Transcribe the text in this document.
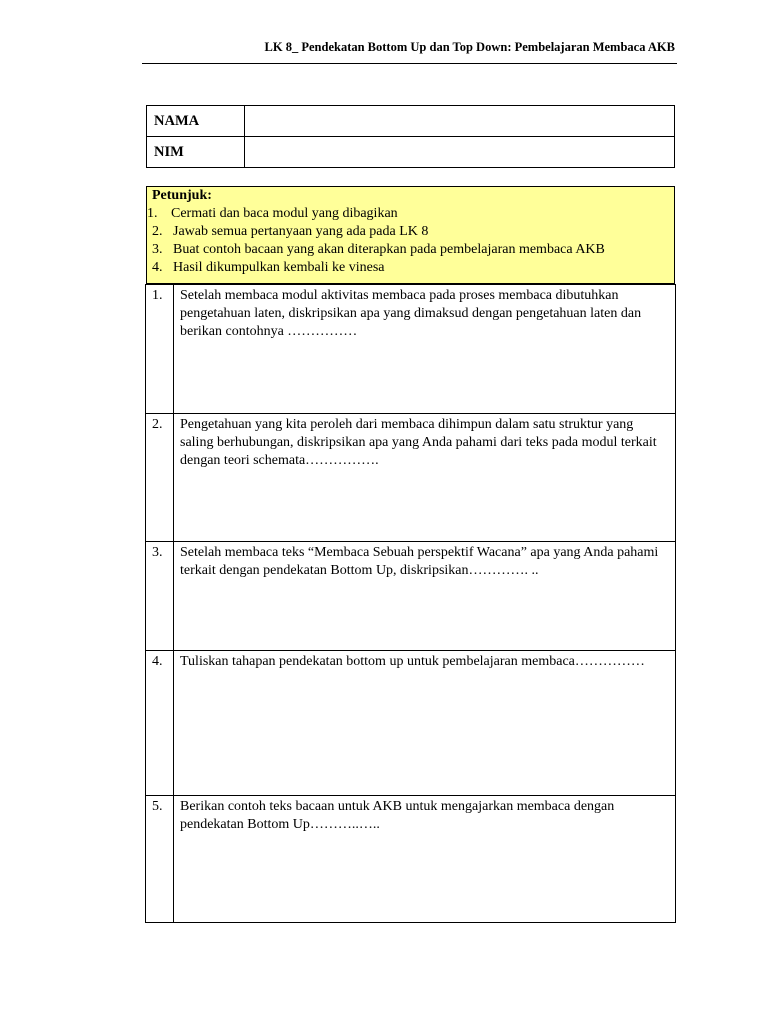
LK 8_ Pendekatan Bottom Up dan Top Down: Pembelajaran Membaca AKB
NAMA	
NIM	
Petunjuk:
1. Cermati dan baca modul yang dibagikan
2. Jawab semua pertanyaan yang ada pada LK 8
3. Buat contoh bacaan yang akan diterapkan pada pembelajaran membaca AKB
4. Hasil dikumpulkan kembali ke vinesa
1.	Setelah membaca modul aktivitas membaca pada proses membaca dibutuhkan pengetahuan laten, diskripsikan apa yang dimaksud dengan pengetahuan laten dan berikan contohnya ……………
2.	Pengetahuan yang kita peroleh dari membaca dihimpun dalam satu struktur yang saling berhubungan, diskripsikan apa yang Anda pahami dari teks pada modul terkait dengan teori schemata…………….
3.	Setelah membaca teks “Membaca Sebuah perspektif Wacana” apa yang Anda pahami terkait dengan pendekatan Bottom Up, diskripsikan…………. ..
4.	Tuliskan tahapan pendekatan bottom up untuk pembelajaran membaca……………
5.	Berikan contoh teks bacaan untuk AKB untuk mengajarkan membaca dengan pendekatan Bottom Up………..…..
